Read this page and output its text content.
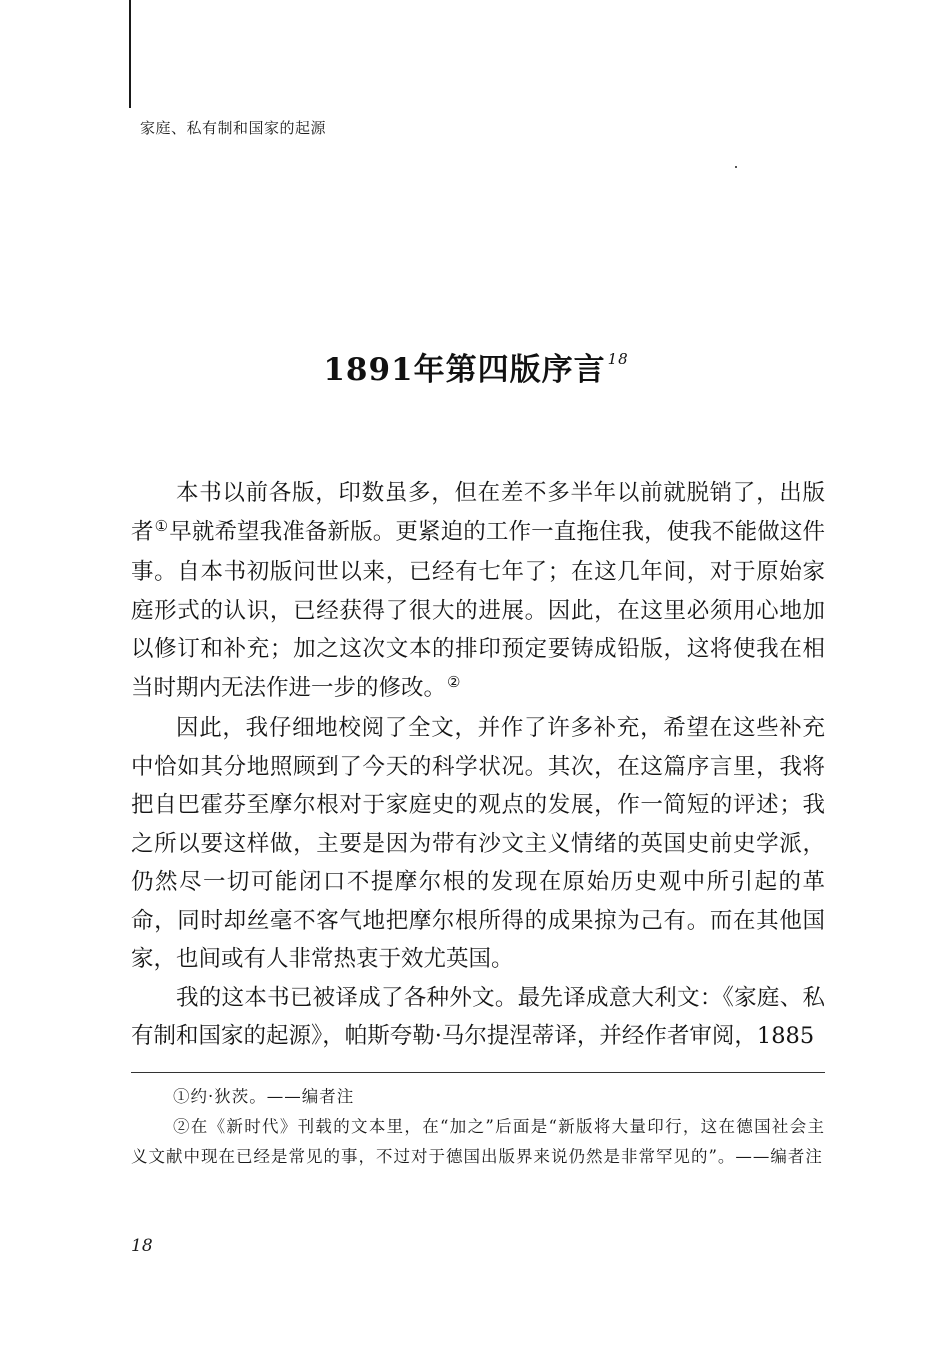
家庭、私有制和国家的起源
1891年第四版序言 $^{18}$

本书以前各版，印数虽多，但在差不多半年以前就脱销了，出版者①早就希望我准备新版。更紧迫的工作一直拖住我，使我不能做这件事。自本书初版问世以来，已经有七年了；在这几年间，对于原始家庭形式的认识，已经获得了很大的进展。因此，在这里必须用心地加以修订和补充；加之这次文本的排印预定要铸成铅版，这将使我在相当时期内无法作进一步的修改。②

因此，我仔细地校阅了全文，并作了许多补充，希望在这些补充中恰如其分地照顾到了今天的科学状况。其次，在这篇序言里，我将把自巴霍芬至摩尔根对于家庭史的观点的发展，作一简短的评述；我之所以要这样做，主要是因为带有沙文主义情绪的英国史前史学派，仍然尽一切可能闭口不提摩尔根的发现在原始历史观中所引起的革命，同时却丝毫不客气地把摩尔根所得的成果掠为己有。而在其他国家，也间或有人非常热衷于效尤英国。

我的这本书已被译成了各种外文。最先译成意大利文：《家庭、私有制和国家的起源》，帕斯夸勒·马尔提涅蒂译，并经作者审阅，1885

①约·狄茨。——编者注

②在《新时代》刊载的文本里，在“加之”后面是“新版将大量印行，这在德国社会主义文献中现在已经是常见的事，不过对于德国出版界来说仍然是非常罕见的”。——编者注

18
